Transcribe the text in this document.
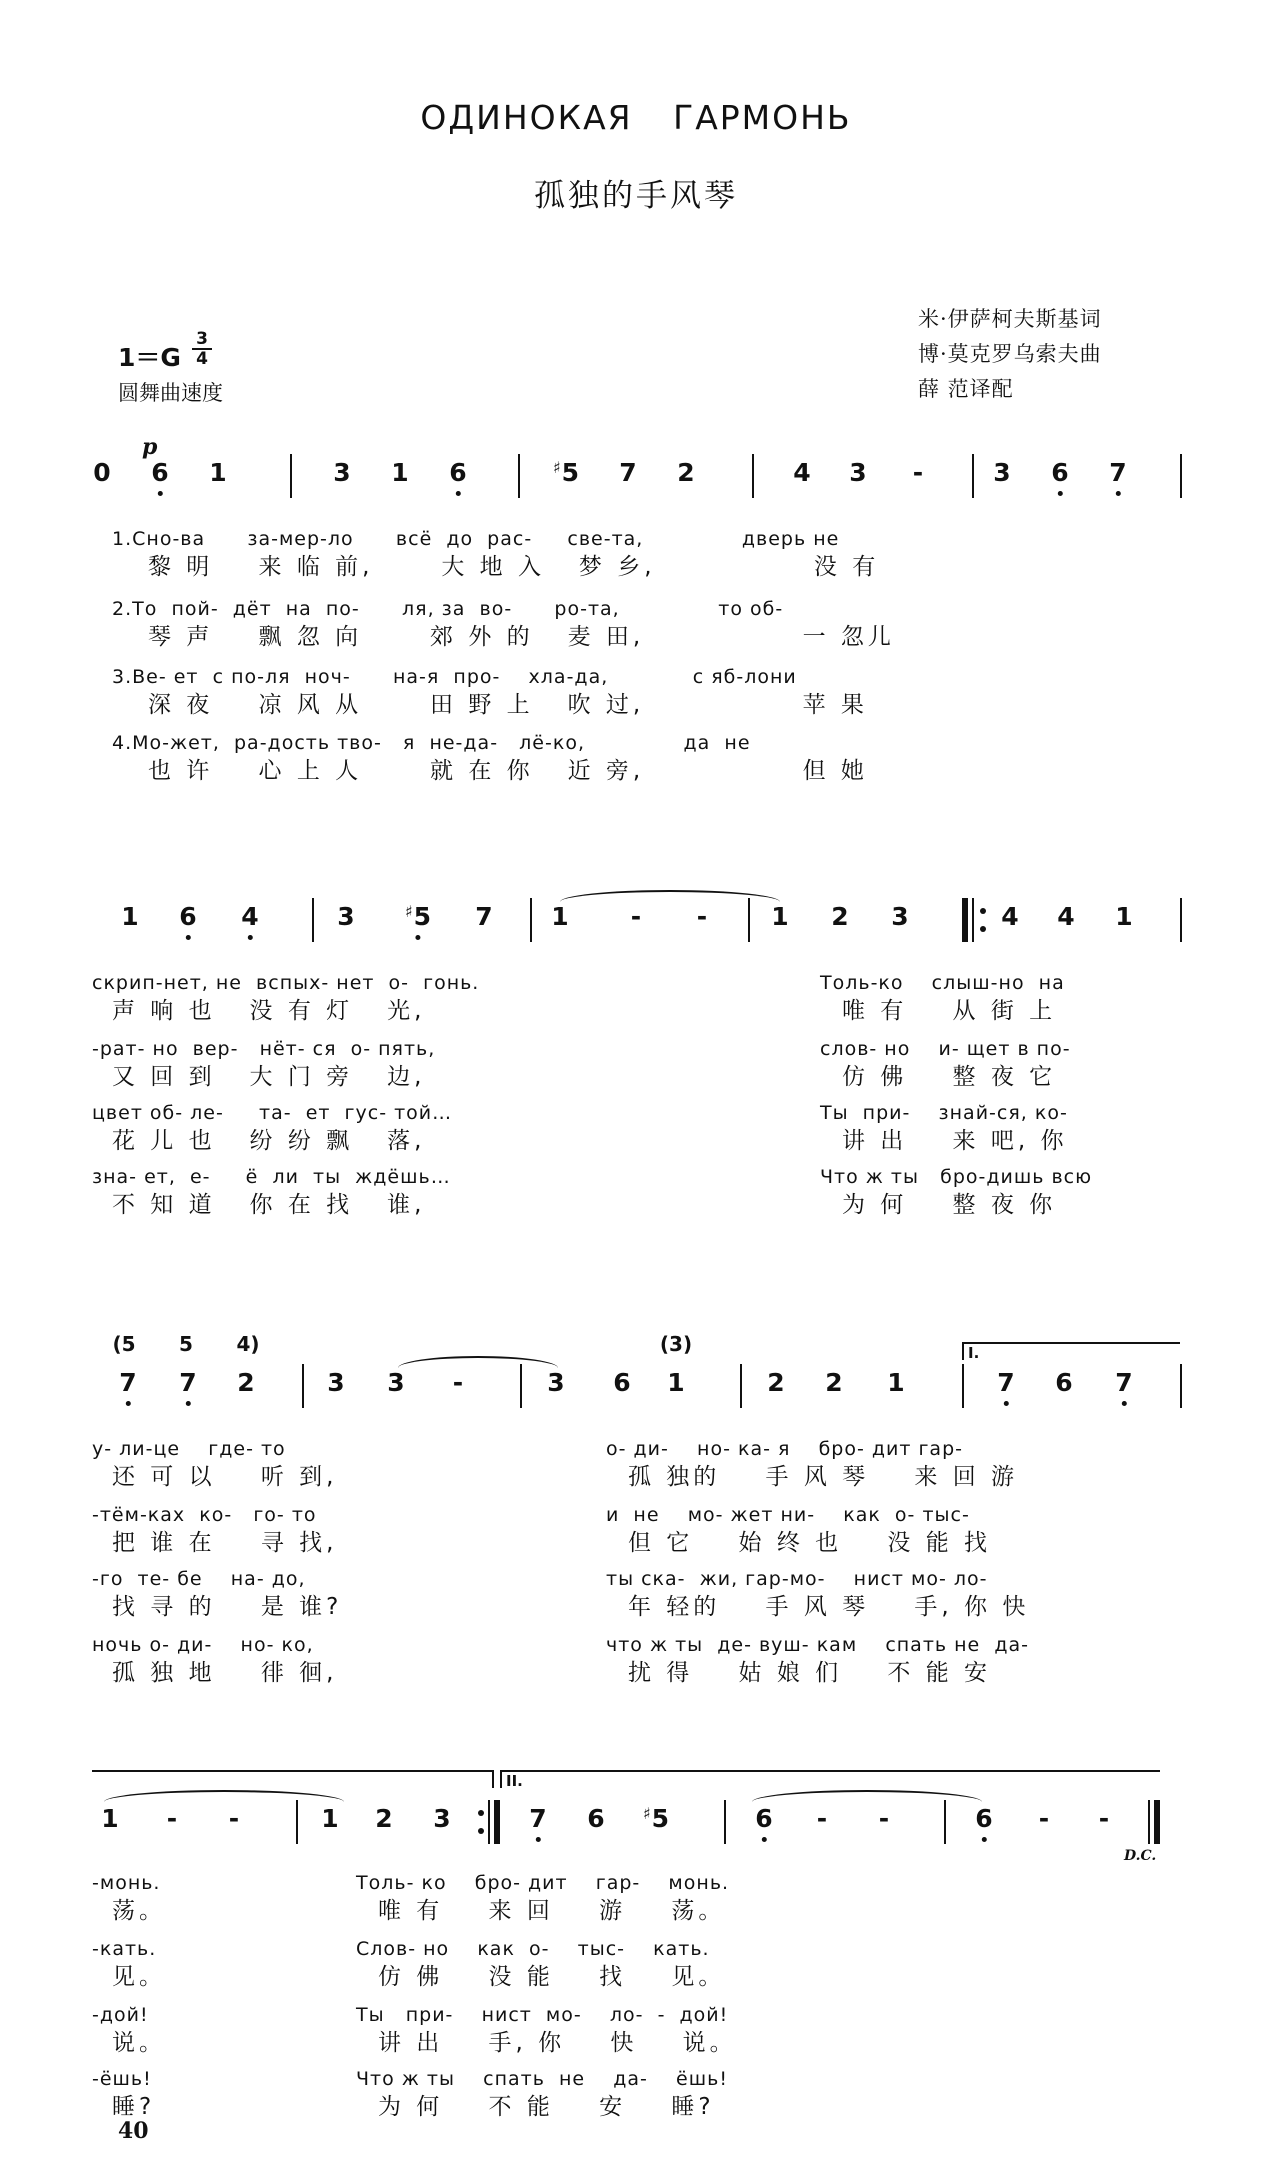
ОДИНОКАЯ ГАРМОНЬ
孤独的手风琴
米·伊萨柯夫斯基词
博·莫克罗乌索夫曲
薛 范译配
1＝G
3
4
圆舞曲速度
p
0 6 1	3 1 6	♯5 7 2	4 3 -	3 6 7
1.Сно-ва      за-мер-ло      всё  до  рас-     све-та,              дверь не
黎 明    来 临 前,      大 地 入   梦 乡,              没 有
2.То  пой-  дёт  на  по-      ля, за  во-      ро-та,              то об-
琴 声    飘 忽 向      郊 外 的   麦 田,              一 忽儿
3.Ве- ет  с по-ля  ноч-      на-я  про-    хла-да,            с яб-лони
深 夜    凉 风 从      田 野 上   吹 过,              苹 果
4.Мо-жет,  ра-дость тво-   я  не-да-   лё-ко,              да  не
也 许    心 上 人      就 在 你   近 旁,              但 她
1 6 4	3	♯5 7 1 - -	1 2 3	4 4 1
скрип-нет, не  вспых- нет  о-  гонь.
声 响 也   没 有 灯   光,
Толь-ко    слыш-но  на
唯 有    从 街 上
-рат- но  вер-   нёт- ся  о- пять,
又 回 到   大 门 旁   边,
слов- но    и- щет в по-
仿 佛    整 夜 它
цвет об- ле-     та-  ет  гус- той…
花 儿 也   纷 纷 飘   落,
Ты  при-    знай-ся, ко-
讲 出    来 吧, 你
зна- ет,  е-     ё  ли  ты  ждёшь…
不 知 道   你 在 找   谁,
Что ж ты   бро-дишь всю
为 何    整 夜 你
I.
7 7 2	3 3 -	3 6 1	2 2 1	7 6 7
у- ли-це    где- то
还 可 以    听 到,
о- ди-    но- ка- я    бро- дит гар-
孤 独的    手 风 琴    来 回 游
-тём-ках  ко-   го- то
把 谁 在    寻 找,
и  не    мо- жет ни-    как  о- тыс-
但 它    始 终 也    没 能 找
-го  те- бе    на- до,
找 寻 的    是 谁?
ты ска-  жи, гар-мо-    нист мо- ло-
年 轻的    手 风 琴    手, 你 快
ночь о- ди-    но- ко,
孤 独 地    徘 徊,
что ж ты  де- вуш- кам    спать не  да-
扰 得    姑 娘 们    不 能 安
(5 5 4)	(3)
II.
D.C.
1 - -	1 2 3	7 6 ♯5	6 - -	6 - -
-монь.
荡。
Толь- ко    бро- дит    гар-    монь.
唯 有    来 回    游    荡。
-кать.
见。
Слов- но    как  о-    тыс-    кать.
仿 佛    没 能    找    见。
-дой!
说。
Ты   при-    нист  мо-    ло-  -  дой!
讲 出    手, 你    快    说。
-ёшь!
睡?
Что ж ты    спать  не    да-    ёшь!
为 何    不 能    安    睡?
40
